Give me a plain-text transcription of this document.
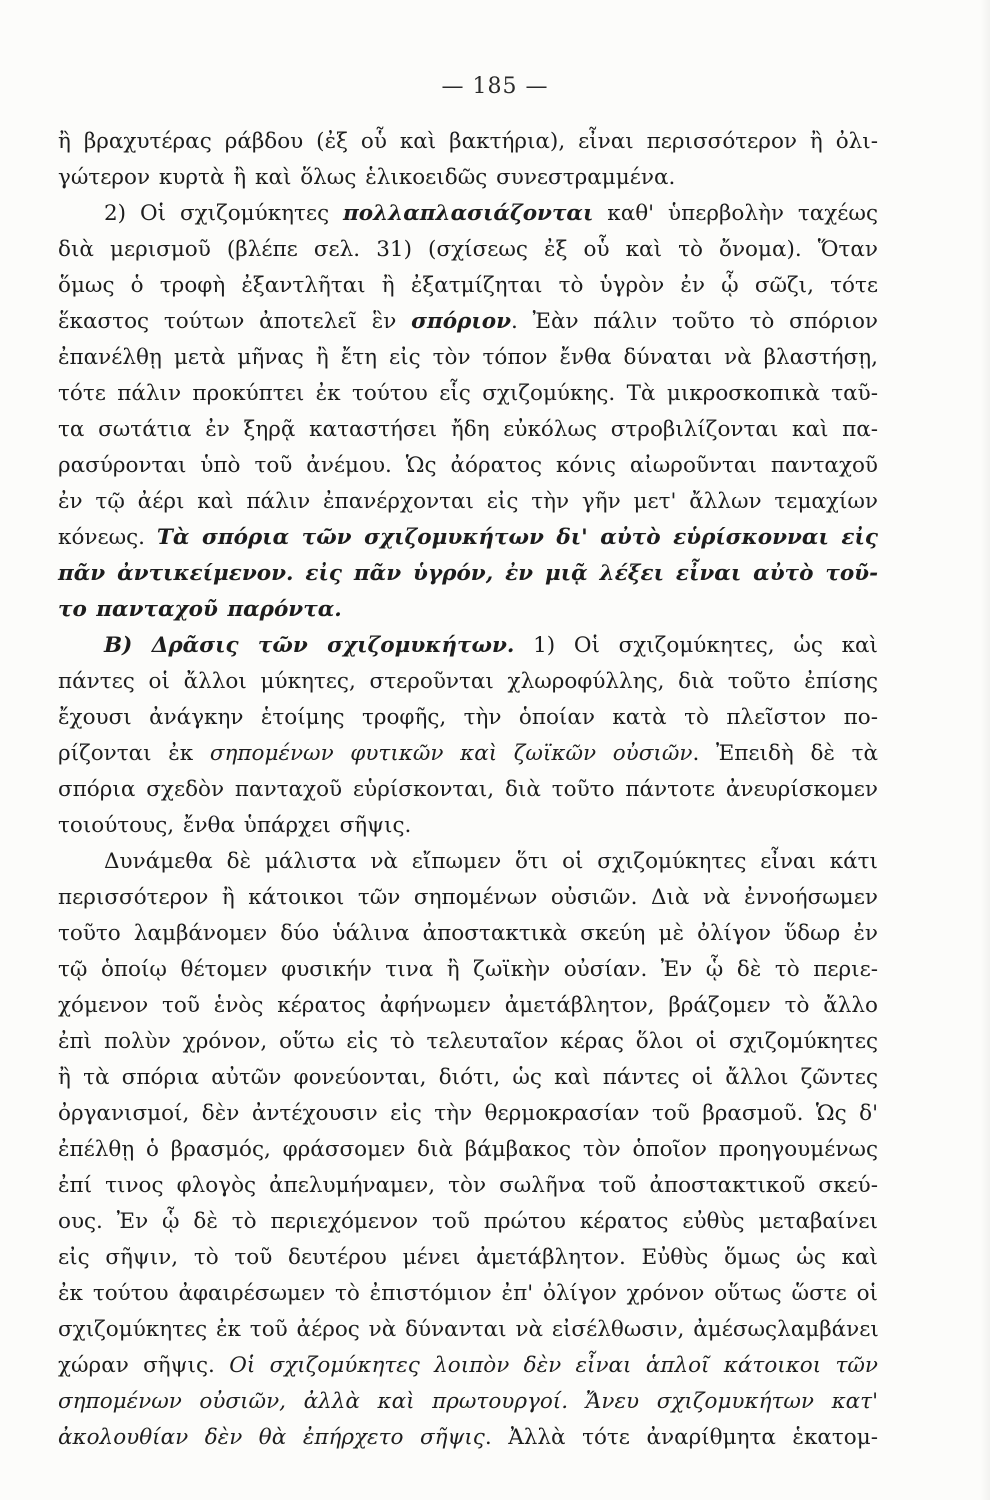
— 185 —
ἢ βραχυτέρας ράβδου (ἐξ οὗ καὶ βακτήρια), εἶναι περισσότερον ἢ ὀλι-
γώτερον κυρτὰ ἢ καὶ ὅλως ἑλικοειδῶς συνεστραμμένα.
2) Οἱ σχιζομύκητες πολλαπλασιάζονται καθ' ὑπερβολὴν ταχέως
διὰ μερισμοῦ (βλέπε σελ. 31) (σχίσεως ἐξ οὗ καὶ τὸ ὄνομα). Ὅταν
ὅμως ὁ τροφὴ ἐξαντλῆται ἢ ἐξατμίζηται τὸ ὑγρὸν ἐν ᾧ σῶζι, τότε
ἕκαστος τούτων ἀποτελεῖ ἓν σπόριον. Ἐὰν πάλιν τοῦτο τὸ σπόριον
ἐπανέλθῃ μετὰ μῆνας ἢ ἔτη εἰς τὸν τόπον ἔνθα δύναται νὰ βλαστήσῃ,
τότε πάλιν προκύπτει ἐκ τούτου εἷς σχιζομύκης. Τὰ μικροσκοπικὰ ταῦ-
τα σωτάτια ἐν ξηρᾷ καταστήσει ἤδη εὐκόλως στροβιλίζονται καὶ πα-
ρασύρονται ὑπὸ τοῦ ἀνέμου. Ὡς ἀόρατος κόνις αἰωροῦνται πανταχοῦ
ἐν τῷ ἀέρι καὶ πάλιν ἐπανέρχονται εἰς τὴν γῆν μετ' ἄλλων τεμαχίων
κόνεως. Τὰ σπόρια τῶν σχιζομυκήτων δι' αὐτὸ εὑρίσκονναι εἰς
πᾶν ἀντικείμενον. εἰς πᾶν ὑγρόν, ἐν μιᾷ λέξει εἶναι αὐτὸ τοῦ-
το πανταχοῦ παρόντα.
Β) Δρᾶσις τῶν σχιζομυκήτων. 1) Οἱ σχιζομύκητες, ὡς καὶ
πάντες οἱ ἄλλοι μύκητες, στεροῦνται χλωροφύλλης, διὰ τοῦτο ἐπίσης
ἔχουσι ἀνάγκην ἑτοίμης τροφῆς, τὴν ὁποίαν κατὰ τὸ πλεῖστον πο-
ρίζονται ἐκ σηπομένων φυτικῶν καὶ ζωϊκῶν οὐσιῶν. Ἐπειδὴ δὲ τὰ
σπόρια σχεδὸν πανταχοῦ εὑρίσκονται, διὰ τοῦτο πάντοτε ἀνευρίσκομεν
τοιούτους, ἔνθα ὑπάρχει σῆψις.
Δυνάμεθα δὲ μάλιστα νὰ εἴπωμεν ὅτι οἱ σχιζομύκητες εἶναι κάτι
περισσότερον ἢ κάτοικοι τῶν σηπομένων οὐσιῶν. Διὰ νὰ ἐννοήσωμεν
τοῦτο λαμβάνομεν δύο ὑάλινα ἀποστακτικὰ σκεύη μὲ ὀλίγον ὕδωρ ἐν
τῷ ὁποίῳ θέτομεν φυσικήν τινα ἢ ζωϊκὴν οὐσίαν. Ἐν ᾧ δὲ τὸ περιε-
χόμενον τοῦ ἑνὸς κέρατος ἀφήνωμεν ἀμετάβλητον, βράζομεν τὸ ἄλλο
ἐπὶ πολὺν χρόνον, οὕτω εἰς τὸ τελευταῖον κέρας ὅλοι οἱ σχιζομύκητες
ἢ τὰ σπόρια αὐτῶν φονεύονται, διότι, ὡς καὶ πάντες οἱ ἄλλοι ζῶντες
ὀργανισμοί, δὲν ἀντέχουσιν εἰς τὴν θερμοκρασίαν τοῦ βρασμοῦ. Ὡς δ'
ἐπέλθῃ ὁ βρασμός, φράσσομεν διὰ βάμβακος τὸν ὁποῖον προηγουμένως
ἐπί τινος φλογὸς ἀπελυμήναμεν, τὸν σωλῆνα τοῦ ἀποστακτικοῦ σκεύ-
ους. Ἐν ᾧ δὲ τὸ περιεχόμενον τοῦ πρώτου κέρατος εὐθὺς μεταβαίνει
εἰς σῆψιν, τὸ τοῦ δευτέρου μένει ἀμετάβλητον. Εὐθὺς ὅμως ὡς καὶ
ἐκ τούτου ἀφαιρέσωμεν τὸ ἐπιστόμιον ἐπ' ὀλίγον χρόνον οὕτως ὥστε οἱ
σχιζομύκητες ἐκ τοῦ ἀέρος νὰ δύνανται νὰ εἰσέλθωσιν, ἀμέσωςλαμβάνει
χώραν σῆψις. Οἱ σχιζομύκητες λοιπὸν δὲν εἶναι ἁπλοῖ κάτοικοι τῶν
σηπομένων οὐσιῶν, ἀλλὰ καὶ πρωτουργοί. Ἄνευ σχιζομυκήτων κατ'
ἀκολουθίαν δὲν θὰ ἐπήρχετο σῆψις. Ἀλλὰ τότε ἀναρίθμητα ἑκατομ-
